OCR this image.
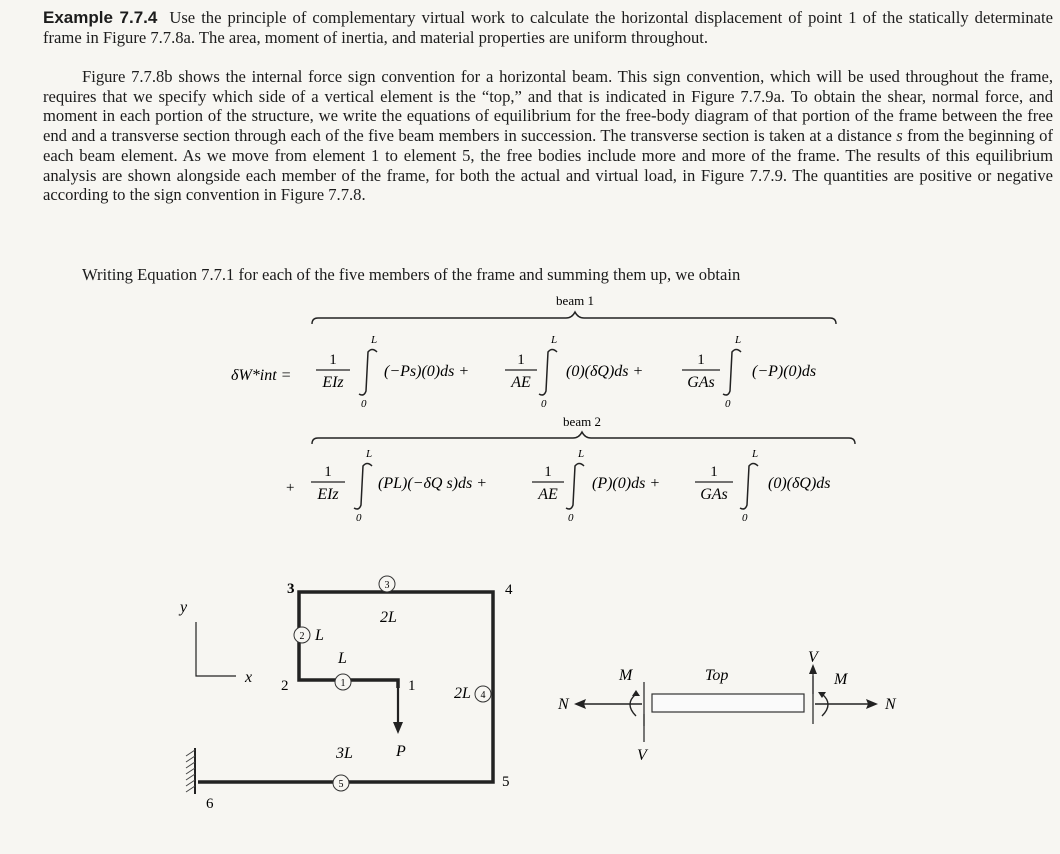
Example 7.7.4 Use the principle of complementary virtual work to calculate the horizontal displacement of point 1 of the statically determinate frame in Figure 7.7.8a. The area, moment of inertia, and material properties are uniform throughout.
Figure 7.7.8b shows the internal force sign convention for a horizontal beam. This sign convention, which will be used throughout the frame, requires that we specify which side of a vertical element is the “top,” and that is indicated in Figure 7.7.9a. To obtain the shear, normal force, and moment in each portion of the structure, we write the equations of equilibrium for the free-body diagram of that portion of the frame between the free end and a transverse section through each of the five beam members in succession. The transverse section is taken at a distance s from the beginning of each beam element. As we move from element 1 to element 5, the free bodies include more and more of the frame. The results of this equilibrium analysis are shown alongside each member of the frame, for both the actual and virtual load, in Figure 7.7.9. The quantities are positive or negative according to the sign convention in Figure 7.7.8.
Writing Equation 7.7.1 for each of the five members of the frame and summing them up, we obtain
beam 1
beam 2
δW*int =
1
EIz
L
0
(−Ps)(0)ds +
1
AE
L
0
(0)(δQ)ds +
1
GAs
L
0
(−P)(0)ds
+
1
EIz
L
0
(PL)(−δQ s)ds +
1
AE
L
0
(P)(0)ds +
1
GAs
L
0
(0)(δQ)ds
y
x
P
3	4
2	1
5
6
3
2
1
4
5
L
L
2L
2L
3L
N
M
V
Top
V
M
N
